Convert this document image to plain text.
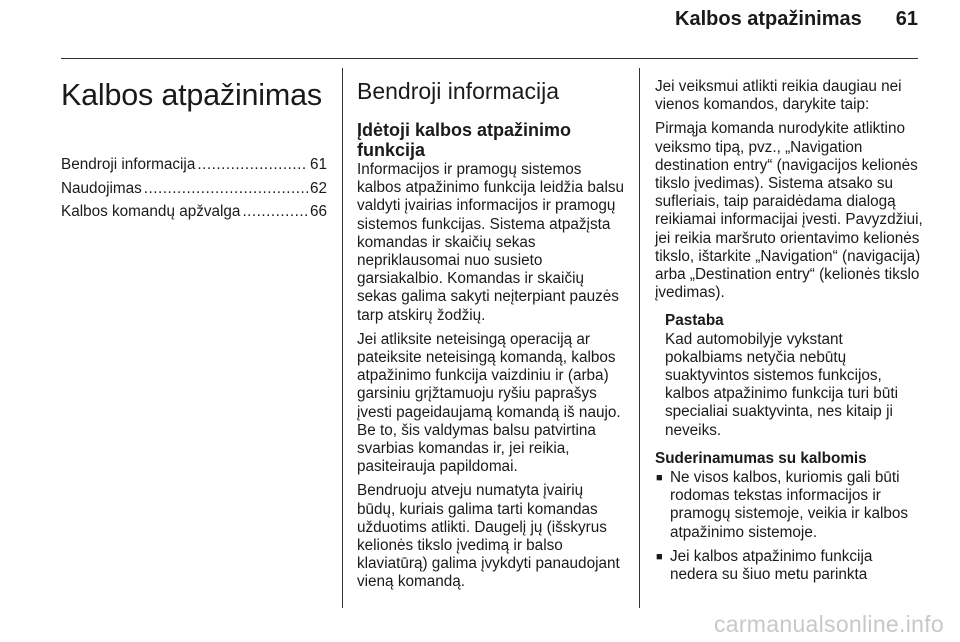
Kalbos atpažinimas 61
Kalbos atpažinimas
Bendroji informacija .....	61
Naudojimas .....	62
Kalbos komandų apžvalga .....	66
Bendroji informacija
Įdėtoji kalbos atpažinimo funkcija

Informacijos ir pramogų sistemos kalbos atpažinimo funkcija leidžia balsu valdyti įvairias informacijos ir pramogų sistemos funkcijas. Sistema atpažįsta komandas ir skaičių sekas nepriklausomai nuo susieto garsiakalbio. Komandas ir skaičių sekas galima sakyti neįterpiant pauzės tarp atskirų žodžių.

Jei atliksite neteisingą operaciją ar pateiksite neteisingą komandą, kalbos atpažinimo funkcija vaizdiniu ir (arba) garsiniu grįžtamuoju ryšiu paprašys įvesti pageidaujamą komandą iš naujo. Be to, šis valdymas balsu patvirtina svarbias komandas ir, jei reikia, pasiteirauja papildomai.

Bendruoju atveju numatyta įvairių būdų, kuriais galima tarti komandas užduotims atlikti. Daugelį jų (išskyrus kelionės tikslo įvedimą ir balso klaviatūrą) galima įvykdyti panaudojant vieną komandą.

Jei veiksmui atlikti reikia daugiau nei vienos komandos, darykite taip:

Pirmąja komanda nurodykite atliktino veiksmo tipą, pvz., „Navigation destination entry“ (navigacijos kelionės tikslo įvedimas). Sistema atsako su sufleriais, taip paraidėdama dialogą reikiamai informacijai įvesti. Pavyzdžiui, jei reikia maršruto orientavimo kelionės tikslo, ištarkite „Navigation“ (navigacija) arba „Destination entry“ (kelionės tikslo įvedimas).

Pastaba
Kad automobilyje vykstant pokalbiams netyčia nebūtų suaktyvintos sistemos funkcijos, kalbos atpažinimo funkcija turi būti specialiai suaktyvinta, nes kitaip ji neveiks.
Suderinamumas su kalbomis
■ Ne visos kalbos, kuriomis gali būti rodomas tekstas informacijos ir pramogų sistemoje, veikia ir kalbos atpažinimo sistemoje.
■ Jei kalbos atpažinimo funkcija nedera su šiuo metu parinkta
carmanualsonline.info
